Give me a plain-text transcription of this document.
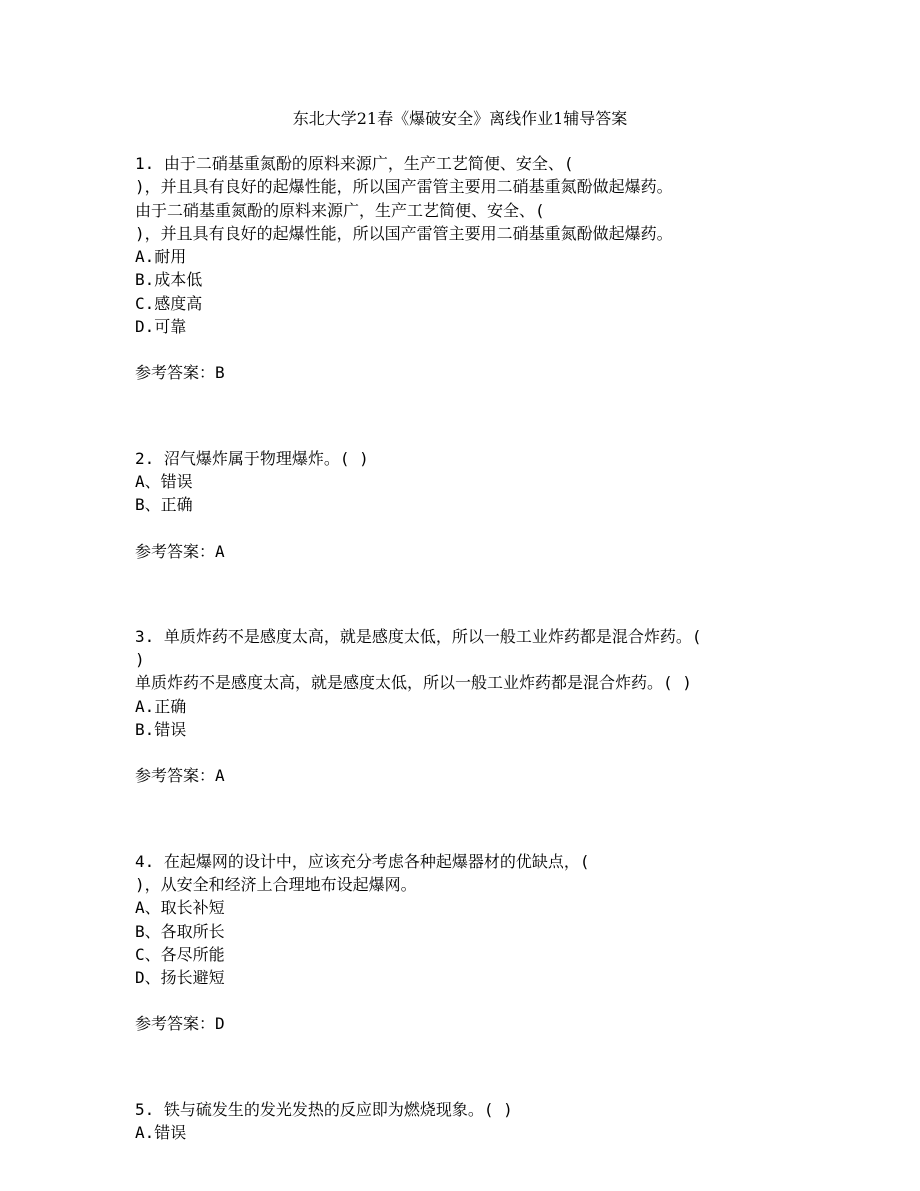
东北大学21春《爆破安全》离线作业1辅导答案
1. 由于二硝基重氮酚的原料来源广，生产工艺简便、安全、(
)，并且具有良好的起爆性能，所以国产雷管主要用二硝基重氮酚做起爆药。
由于二硝基重氮酚的原料来源广，生产工艺简便、安全、(
)，并且具有良好的起爆性能，所以国产雷管主要用二硝基重氮酚做起爆药。
A.耐用
B.成本低
C.感度高
D.可靠
参考答案：B
2. 沼气爆炸属于物理爆炸。( )
A、错误
B、正确
参考答案：A
3. 单质炸药不是感度太高，就是感度太低，所以一般工业炸药都是混合炸药。(
)
单质炸药不是感度太高，就是感度太低，所以一般工业炸药都是混合炸药。( )
A.正确
B.错误
参考答案：A
4. 在起爆网的设计中，应该充分考虑各种起爆器材的优缺点，(
)，从安全和经济上合理地布设起爆网。
A、取长补短
B、各取所长
C、各尽所能
D、扬长避短
参考答案：D
5. 铁与硫发生的发光发热的反应即为燃烧现象。( )
A.错误
